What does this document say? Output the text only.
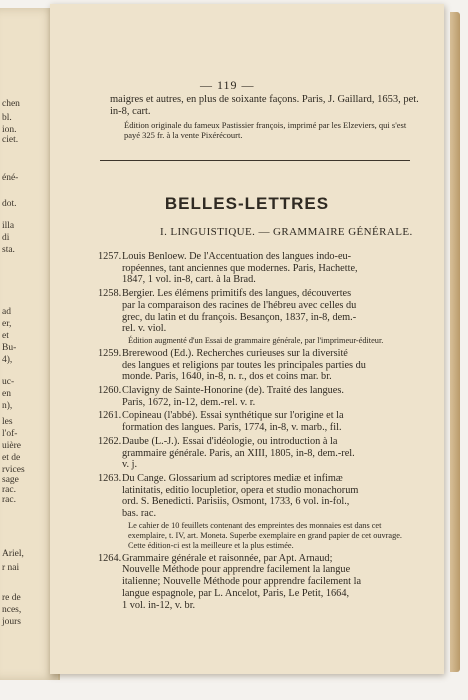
chen
bl.
ion.
ciet.
éné-
dot.
illa
di
sta.
ad
er,
et
Bu-
4),
uc-
en
n),
les
l'of-
uière
et de
rvices
sage
rac.
rac.
Ariel,
r nai
re de
nces,
jours
— 119 —
maigres et autres, en plus de soixante façons. Paris, J. Gaillard, 1653, pet. in-8, cart.
Édition originale du fameux Pastissier françois, imprimé par les Elzeviers, qui s'est payé 325 fr. à la vente Pixérécourt.
BELLES-LETTRES
I. LINGUISTIQUE. — GRAMMAIRE GÉNÉRALE.
1257.Louis Benloew. De l'Accentuation des langues indo-eu-
ropéennes, tant anciennes que modernes. Paris, Hachette,
1847, 1 vol. in-8, cart. à la Brad.
1258.Bergier. Les élémens primitifs des langues, découvertes
par la comparaison des racines de l'hébreu avec celles du
grec, du latin et du françois. Besançon, 1837, in-8, dem.-
rel. v. viol.
Édition augmenté d'un Essai de grammaire générale, par l'imprimeur-éditeur.
1259.Brerewood (Ed.). Recherches curieuses sur la diversité
des langues et religions par toutes les principales parties du
monde. Paris, 1640, in-8, n. r., dos et coins mar. br.
1260.Clavigny de Sainte-Honorine (de). Traité des langues.
Paris, 1672, in-12, dem.-rel. v. r.
1261.Copineau (l'abbé). Essai synthétique sur l'origine et la
formation des langues. Paris, 1774, in-8, v. marb., fil.
1262.Daube (L.-J.). Essai d'idéologie, ou introduction à la
grammaire générale. Paris, an XIII, 1805, in-8, dem.-rel.
v. j.
1263.Du Cange. Glossarium ad scriptores mediæ et infimæ
latinitatis, editio locupletior, opera et studio monachorum
ord. S. Benedicti. Parisiis, Osmont, 1733, 6 vol. in-fol.,
bas. rac.
Le cahier de 10 feuillets contenant des empreintes des monnaies est dans cet exemplaire, t. IV, art. Moneta. Superbe exemplaire en grand papier de cet ouvrage. Cette édition-ci est la meilleure et la plus estimée.
1264.Grammaire générale et raisonnée, par Apt. Arnaud;
Nouvelle Méthode pour apprendre facilement la langue
italienne; Nouvelle Méthode pour apprendre facilement la
langue espagnole, par L. Ancelot, Paris, Le Petit, 1664,
1 vol. in-12, v. br.
